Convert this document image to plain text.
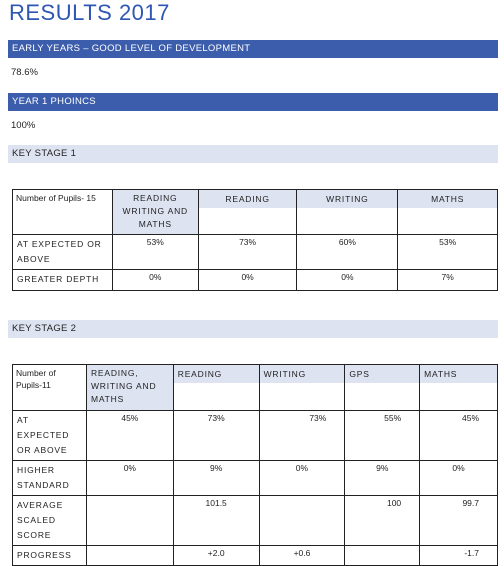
RESULTS 2017
EARLY YEARS – GOOD LEVEL OF DEVELOPMENT
78.6%
YEAR 1 PHOINCS
100%
KEY STAGE 1
Number of Pupils- 15	READING WRITING AND MATHS	READING	WRITING	MATHS

AT EXPECTED OR ABOVE	53%	73%	60%	53%
GREATER DEPTH	0%	0%	0%	7%
KEY STAGE 2
Number of Pupils-11	READING, WRITING AND MATHS	READING	WRITING	GPS	MATHS

AT EXPECTED OR ABOVE	45%	73%	73%	55%	45%
HIGHER STANDARD	0%	9%	0%	9%	0%
AVERAGE SCALED SCORE		101.5		100	99.7
PROGRESS		+2.0	+0.6		-1.7
